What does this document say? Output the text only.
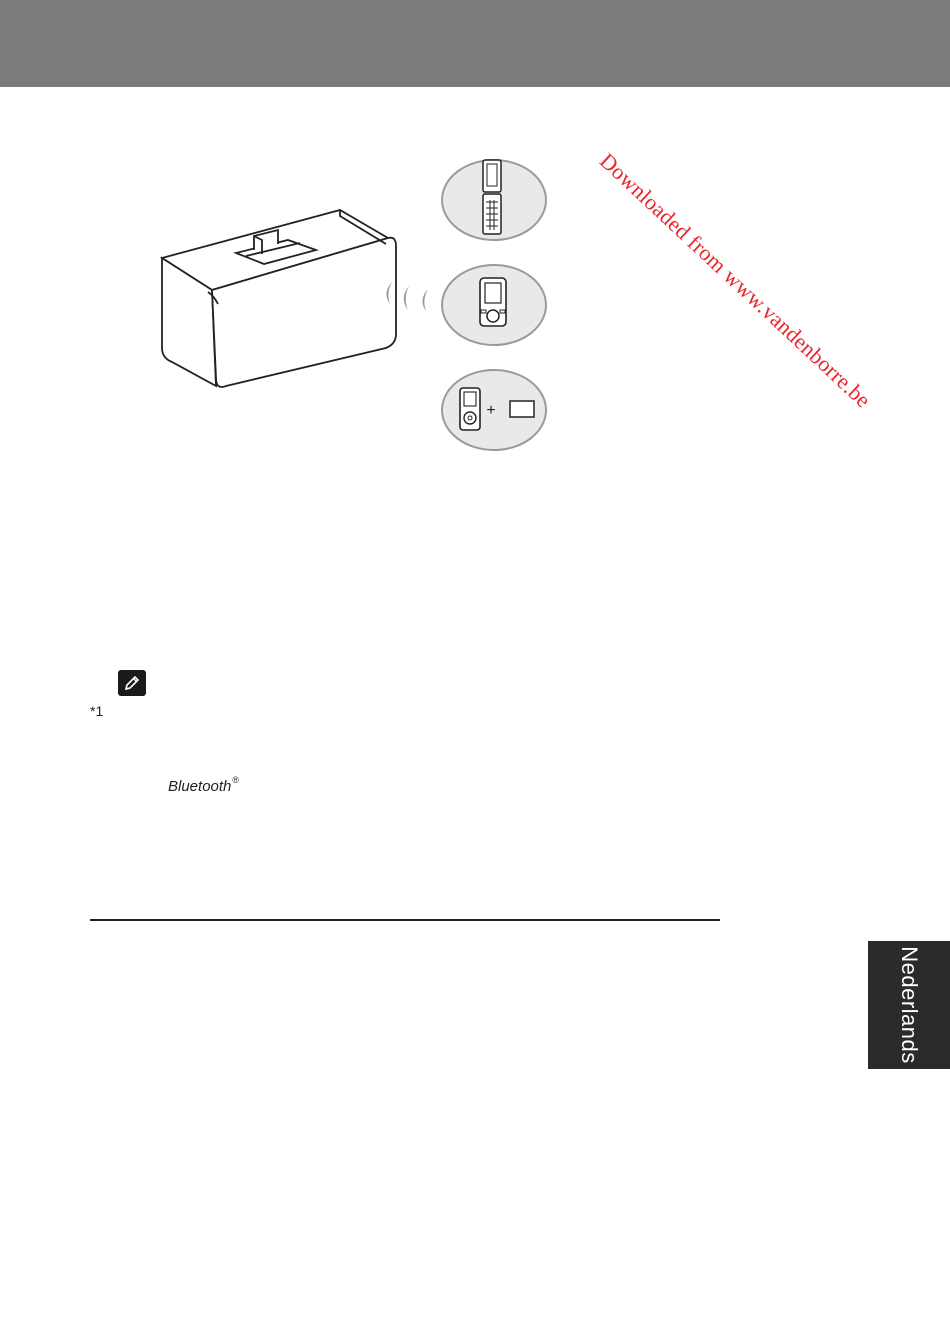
Downloaded from www.vandenborre.be
+
*1
Bluetooth®
Nederlands
